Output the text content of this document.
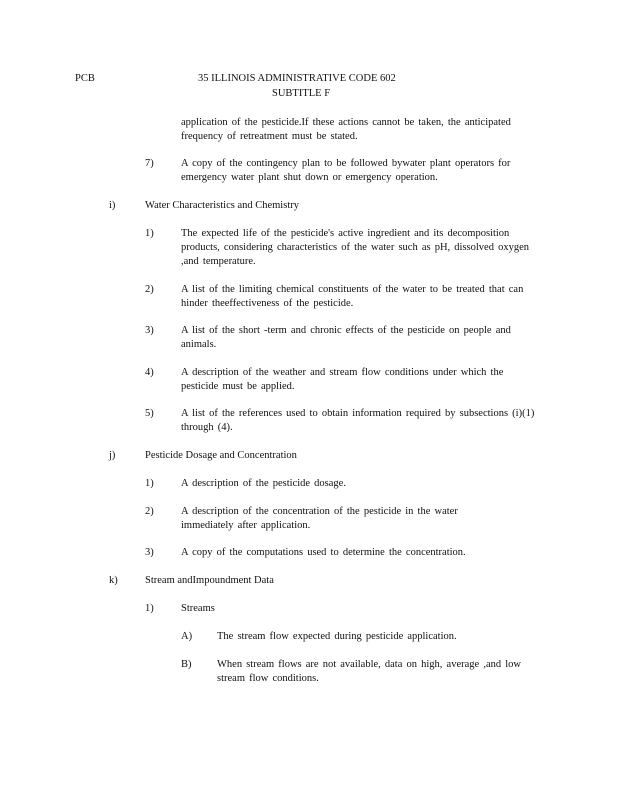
PCB	35 ILLINOIS ADMINISTRATIVE CODE 602

SUBTITLE F

application of the pesticide.If these actions cannot be taken, the anticipated frequency of retreatment must be stated.

7)	A copy of the contingency plan to be followed bywater plant operators for emergency water plant shut down or emergency operation.

i)	Water Characteristics and Chemistry

1)	The expected life of the pesticide's active ingredient and its decomposition products, considering characteristics of the water such as pH, dissolved oxygen ,and temperature.

2)	A list of the limiting chemical constituents of the water to be treated that can hinder theeffectiveness of the pesticide.

3)	A list of the short -term and chronic effects of the pesticide on people and animals.

4)	A description of the weather and stream flow conditions under which the pesticide must be applied.

5)	A list of the references used to obtain information required by subsections (i)(1) through (4).

j)	Pesticide Dosage and Concentration

1)	A description of the pesticide dosage.

2)	A description of the concentration of the pesticide in the water immediately after application.

3)	A copy of the computations used to determine the concentration.

k)	Stream andImpoundment Data

1)	Streams

A) The stream flow expected during pesticide application.

B) When stream flows are not available, data on high, average ,and low stream flow conditions.
